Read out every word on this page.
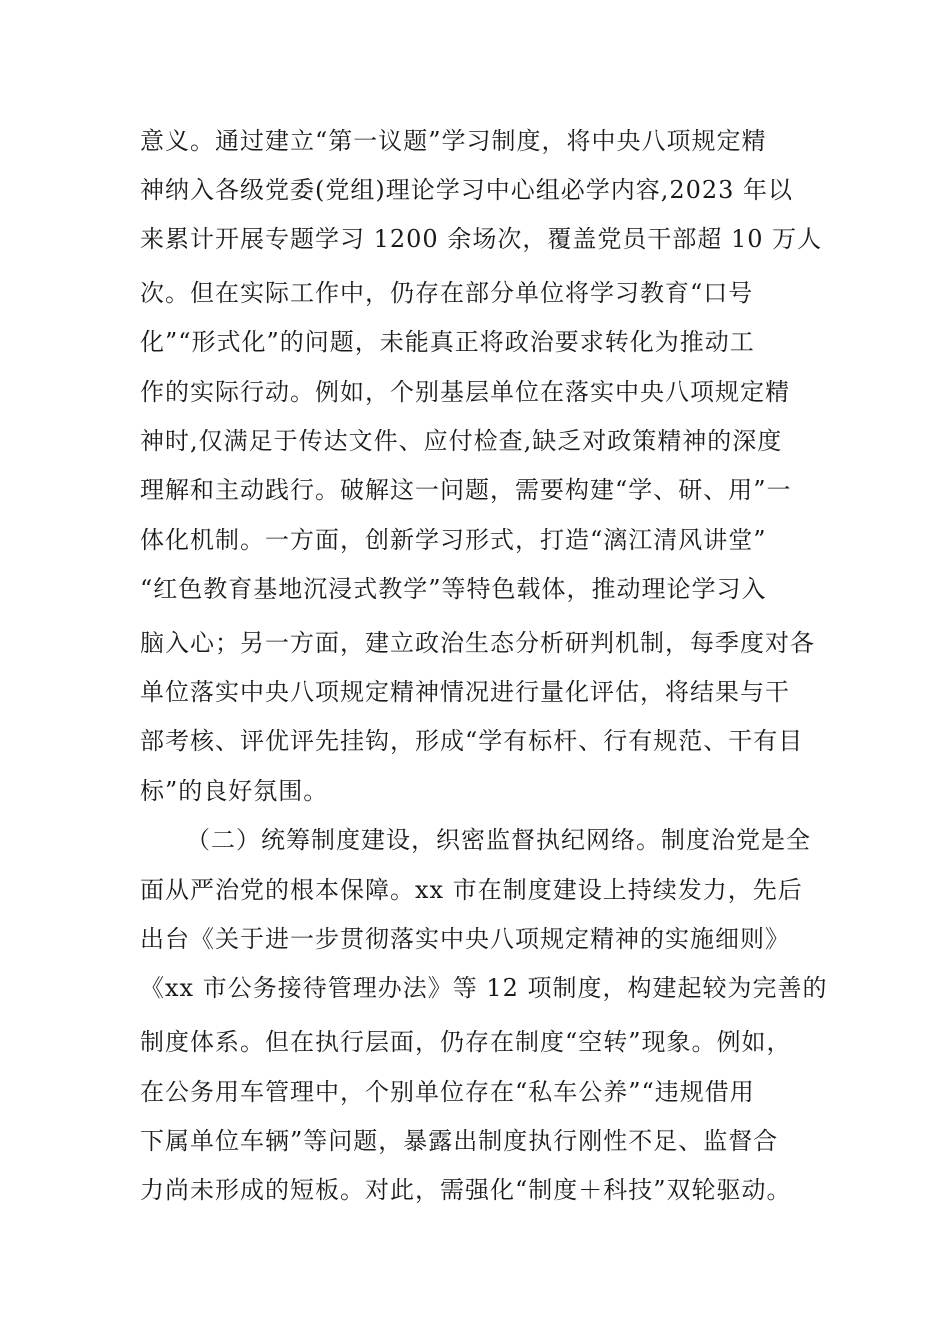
意义。通过建立“第一议题”学习制度，将中央八项规定精
神纳入各级党委(党组)理论学习中心组必学内容,2023 年以
来累计开展专题学习 1200 余场次，覆盖党员干部超 10 万人
次。但在实际工作中，仍存在部分单位将学习教育“口号
化”“形式化”的问题，未能真正将政治要求转化为推动工
作的实际行动。例如，个别基层单位在落实中央八项规定精
神时,仅满足于传达文件、应付检查,缺乏对政策精神的深度
理解和主动践行。破解这一问题，需要构建“学、研、用”一
体化机制。一方面，创新学习形式，打造“漓江清风讲堂”
“红色教育基地沉浸式教学”等特色载体，推动理论学习入
脑入心；另一方面，建立政治生态分析研判机制，每季度对各
单位落实中央八项规定精神情况进行量化评估，将结果与干
部考核、评优评先挂钩，形成“学有标杆、行有规范、干有目
标”的良好氛围。
（二）统筹制度建设，织密监督执纪网络。制度治党是全
面从严治党的根本保障。xx 市在制度建设上持续发力，先后
出台《关于进一步贯彻落实中央八项规定精神的实施细则》
《xx 市公务接待管理办法》等 12 项制度，构建起较为完善的
制度体系。但在执行层面，仍存在制度“空转”现象。例如，
在公务用车管理中，个别单位存在“私车公养”“违规借用
下属单位车辆”等问题，暴露出制度执行刚性不足、监督合
力尚未形成的短板。对此，需强化“制度＋科技”双轮驱动。
